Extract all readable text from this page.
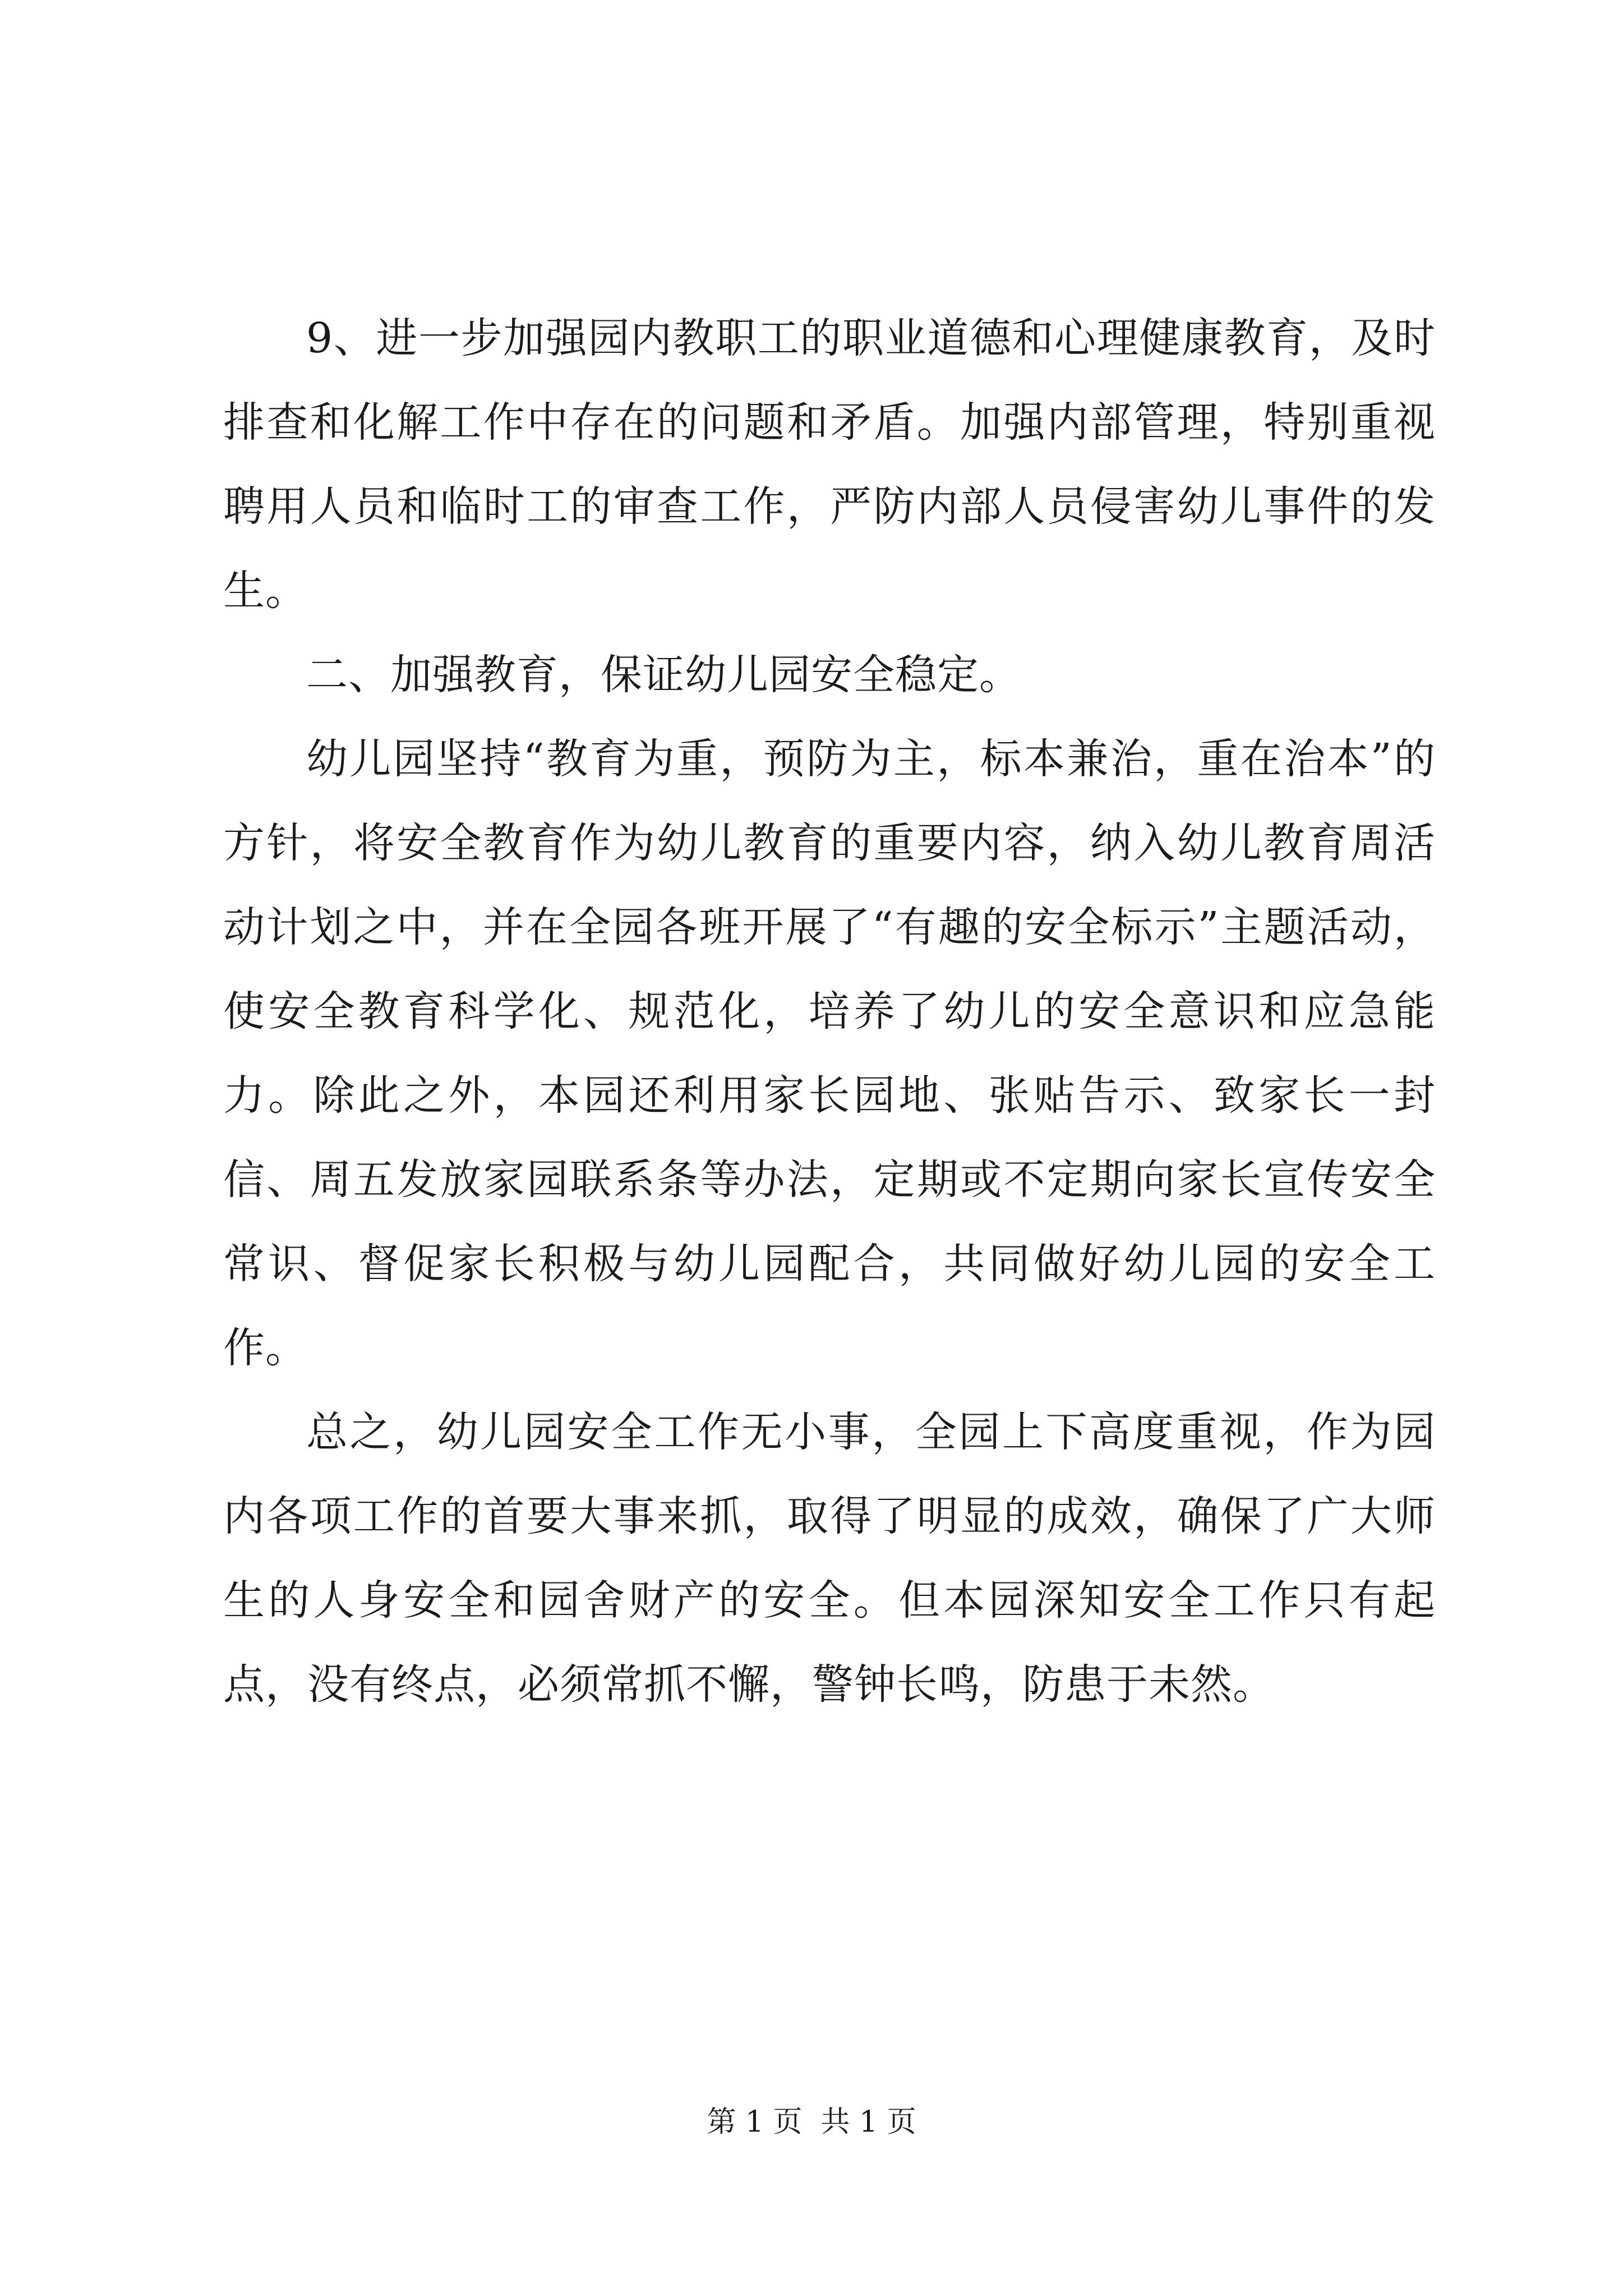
9、进一步加强园内教职工的职业道德和心理健康教育，及时排查和化解工作中存在的问题和矛盾。加强内部管理，特别重视聘用人员和临时工的审查工作，严防内部人员侵害幼儿事件的发生。

二、加强教育，保证幼儿园安全稳定。

幼儿园坚持“教育为重，预防为主，标本兼治，重在治本”的方针，将安全教育作为幼儿教育的重要内容，纳入幼儿教育周活动计划之中，并在全园各班开展了“有趣的安全标示”主题活动，使安全教育科学化、规范化，培养了幼儿的安全意识和应急能力。除此之外，本园还利用家长园地、张贴告示、致家长一封信、周五发放家园联系条等办法，定期或不定期向家长宣传安全常识、督促家长积极与幼儿园配合，共同做好幼儿园的安全工作。

总之，幼儿园安全工作无小事，全园上下高度重视，作为园内各项工作的首要大事来抓，取得了明显的成效，确保了广大师生的人身安全和园舍财产的安全。但本园深知安全工作只有起点，没有终点，必须常抓不懈，警钟长鸣，防患于未然。

第 1 页  共 1 页
